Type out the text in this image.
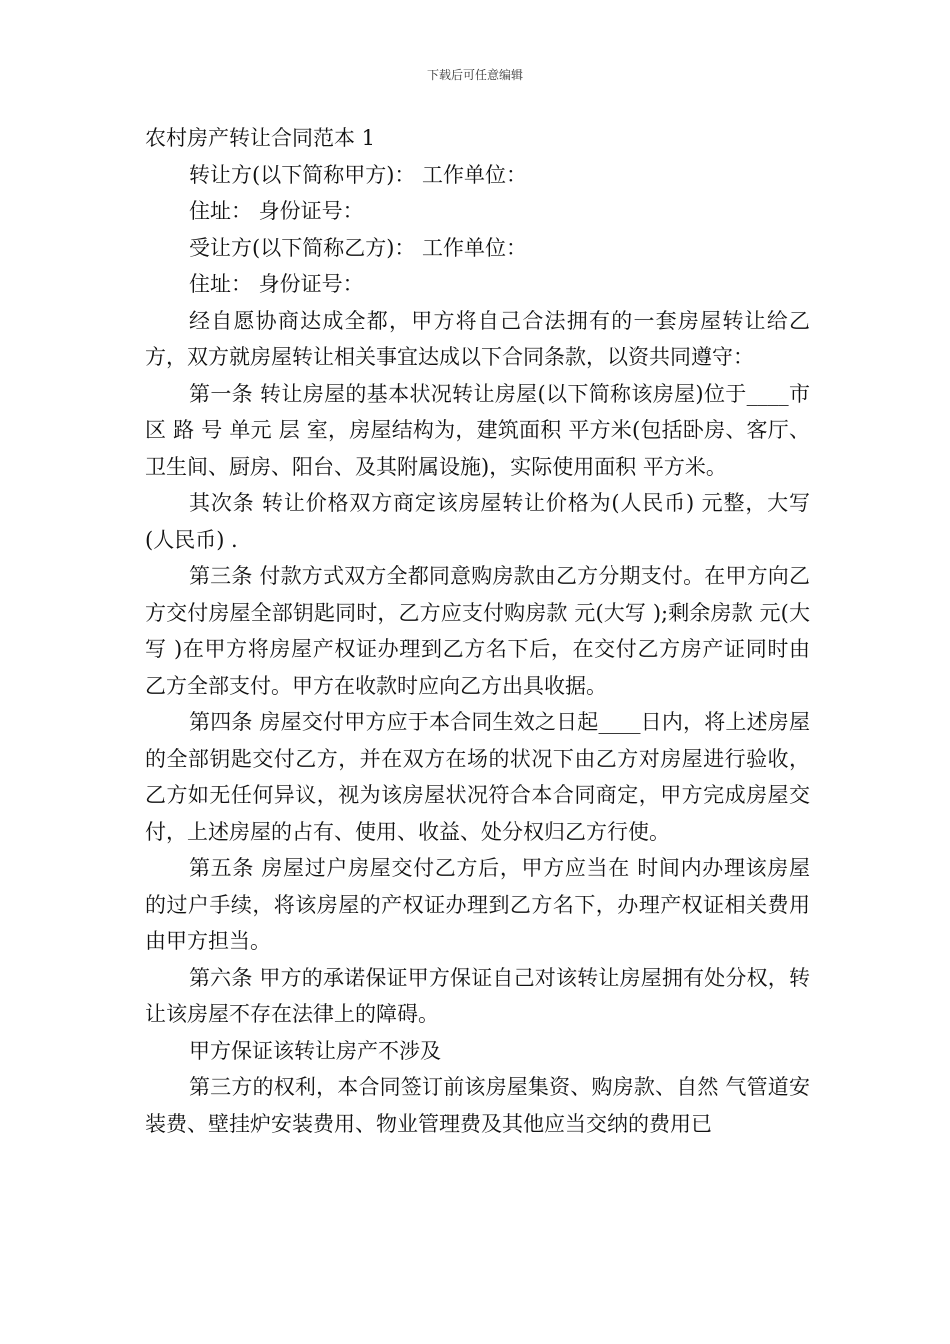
下载后可任意编辑

农村房产转让合同范本 1

转让方(以下简称甲方)： 工作单位：

住址： 身份证号：

受让方(以下简称乙方)： 工作单位：

住址： 身份证号：

经自愿协商达成全都，甲方将自己合法拥有的一套房屋转让给乙方，双方就房屋转让相关事宜达成以下合同条款，以资共同遵守：

第一条 转让房屋的基本状况转让房屋(以下简称该房屋)位于____市 区 路 号 单元 层 室，房屋结构为，建筑面积 平方米(包括卧房、客厅、卫生间、厨房、阳台、及其附属设施)，实际使用面积 平方米。

其次条 转让价格双方商定该房屋转让价格为(人民币) 元整，大写(人民币) .

第三条 付款方式双方全都同意购房款由乙方分期支付。在甲方向乙方交付房屋全部钥匙同时，乙方应支付购房款 元(大写 );剩余房款 元(大写 )在甲方将房屋产权证办理到乙方名下后，在交付乙方房产证同时由乙方全部支付。甲方在收款时应向乙方出具收据。

第四条 房屋交付甲方应于本合同生效之日起____日内，将上述房屋的全部钥匙交付乙方，并在双方在场的状况下由乙方对房屋进行验收，乙方如无任何异议，视为该房屋状况符合本合同商定，甲方完成房屋交付，上述房屋的占有、使用、收益、处分权归乙方行使。

第五条 房屋过户房屋交付乙方后，甲方应当在 时间内办理该房屋的过户手续，将该房屋的产权证办理到乙方名下，办理产权证相关费用由甲方担当。

第六条 甲方的承诺保证甲方保证自己对该转让房屋拥有处分权，转让该房屋不存在法律上的障碍。

甲方保证该转让房产不涉及

第三方的权利，本合同签订前该房屋集资、购房款、自然 气管道安装费、壁挂炉安装费用、物业管理费及其他应当交纳的费用已
